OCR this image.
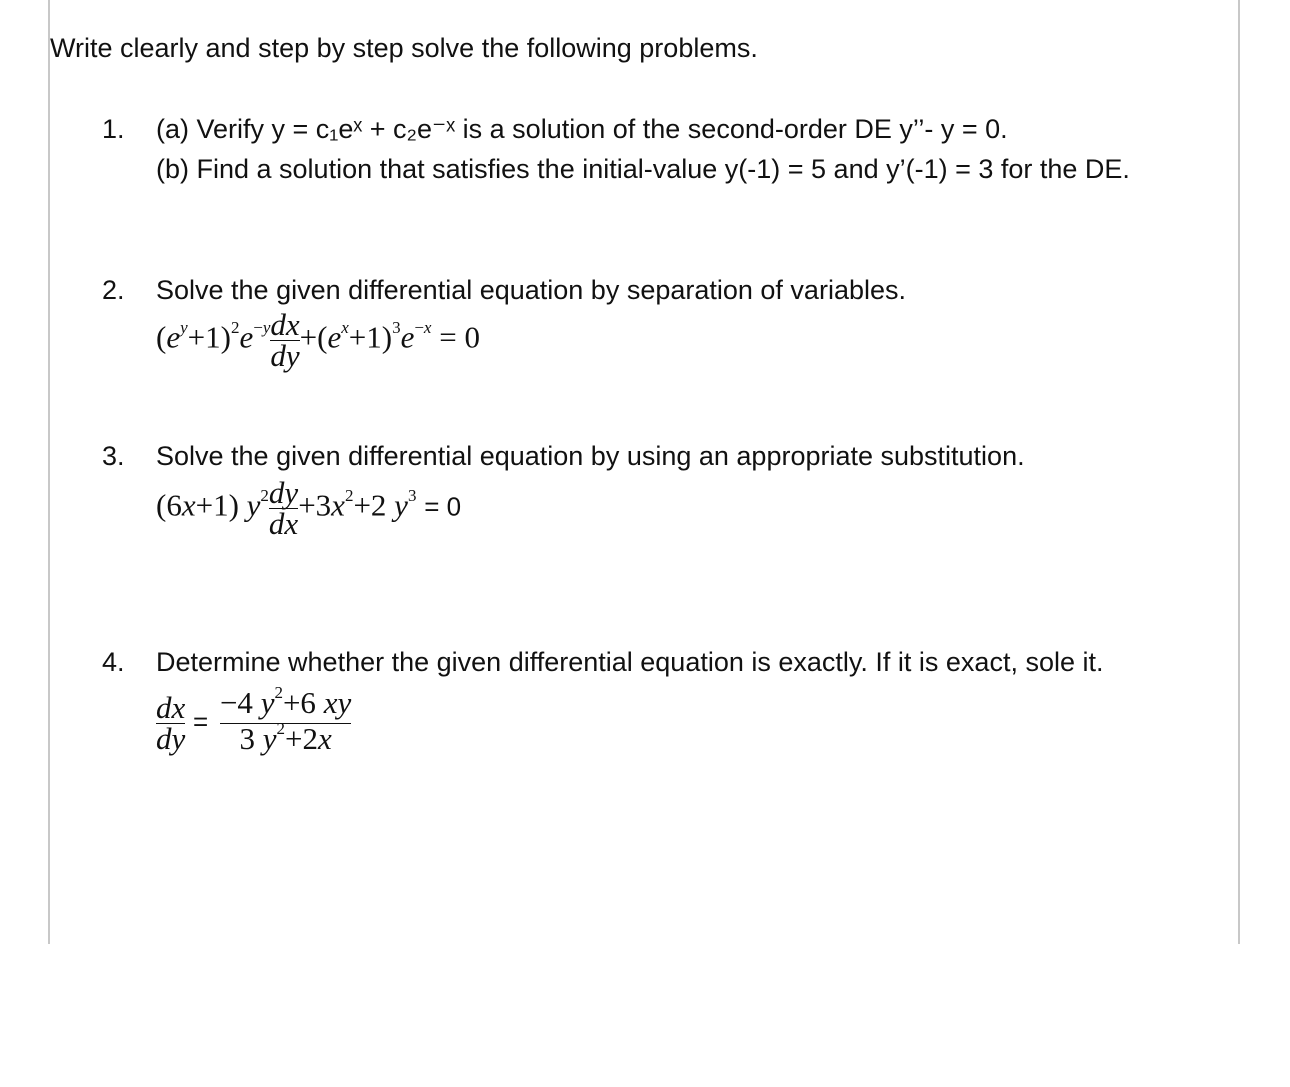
Write clearly and step by step solve the following problems.
1. (a) Verify y = c₁eˣ + c₂e⁻ˣ is a solution of the second-order DE y’’- y = 0.
(b) Find a solution that satisfies the initial-value y(-1) = 5 and y’(-1) = 3 for the DE.
2. Solve the given differential equation by separation of variables.
$(e^y+1)^2e^{-y} \frac{dx}{dy} +(e^x+1)^3e^{-x} = 0$
3. Solve the given differential equation by using an appropriate substitution.
(6x+1) $y^2 \frac{dy}{dx} +3x^2+2$ $y^3 = 0$
4. Determine whether the given differential equation is exactly. If it is exact, sole it.
$\frac{dx}{dy} = \frac{-4 y^2+6 xy}{3 y^2+2x}$
